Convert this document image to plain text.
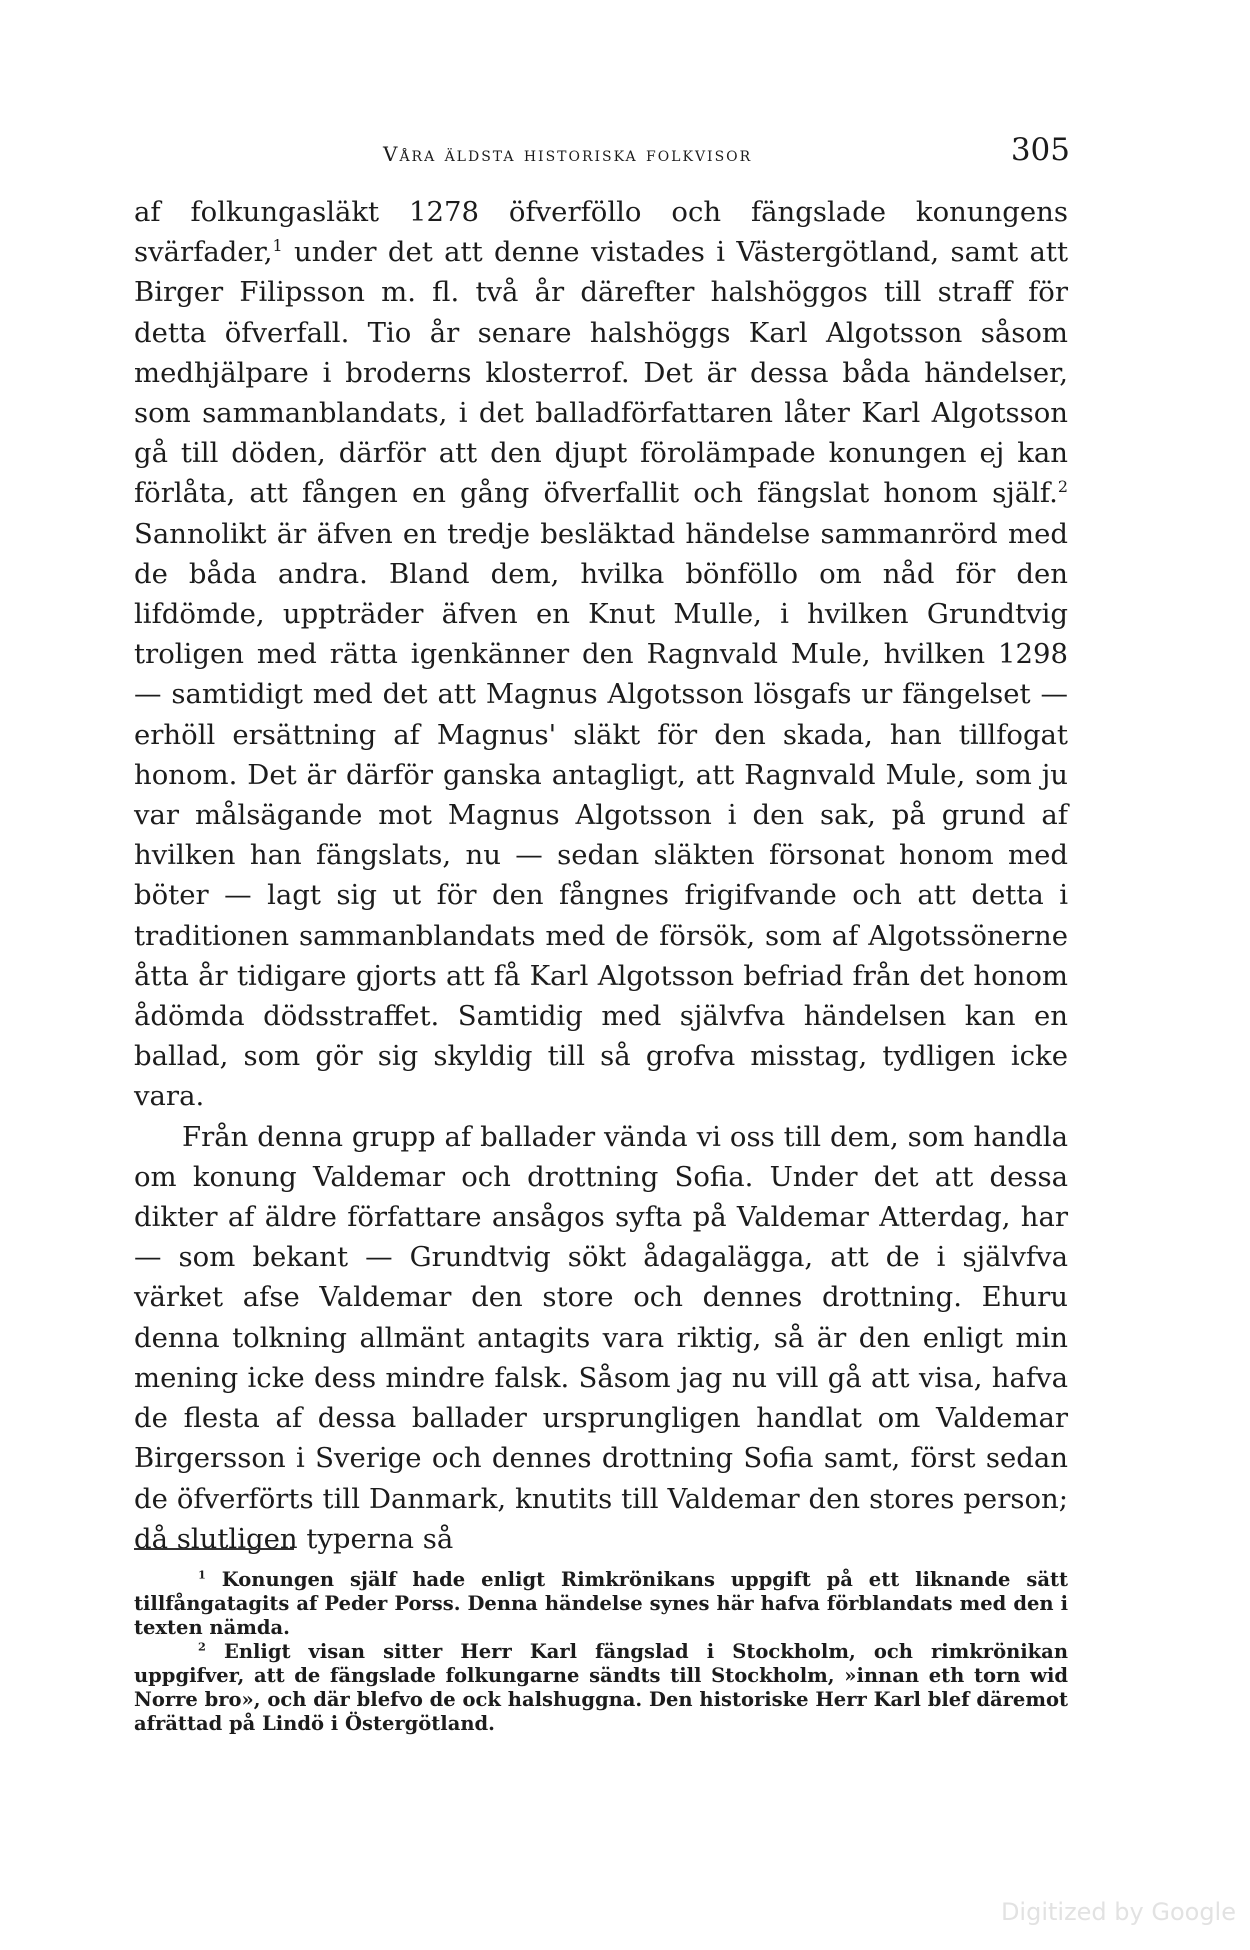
Våra äldsta historiska folkvisor	305

af folkungasläkt 1278 öfverföllo och fängslade konungens svärfader,$^1$ under det att denne vistades i Västergötland, samt att Birger Filipsson m. fl. två år därefter halshöggos till straff för detta öfverfall. Tio år senare halshöggs Karl Algotsson såsom medhjälpare i broderns klosterrof. Det är dessa båda händelser, som sammanblandats, i det balladförfattaren låter Karl Algotsson gå till döden, därför att den djupt förolämpade konungen ej kan förlåta, att fången en gång öfverfallit och fängslat honom själf.$^2$ Sannolikt är äfven en tredje besläktad händelse sammanrörd med de båda andra. Bland dem, hvilka bönföllo om nåd för den lifdömde, uppträder äfven en Knut Mulle, i hvilken Grundtvig troligen med rätta igenkänner den Ragnvald Mule, hvilken 1298 — samtidigt med det att Magnus Algotsson lösgafs ur fängelset — erhöll ersättning af Magnus' släkt för den skada, han tillfogat honom. Det är därför ganska antagligt, att Ragnvald Mule, som ju var målsägande mot Magnus Algotsson i den sak, på grund af hvilken han fängslats, nu — sedan släkten försonat honom med böter — lagt sig ut för den fångnes frigifvande och att detta i traditionen sammanblandats med de försök, som af Algotssönerne åtta år tidigare gjorts att få Karl Algotsson befriad från det honom ådömda dödsstraffet. Samtidig med självfva händelsen kan en ballad, som gör sig skyldig till så grofva misstag, tydligen icke vara.

Från denna grupp af ballader vända vi oss till dem, som handla om konung Valdemar och drottning Sofia. Under det att dessa dikter af äldre författare ansågos syfta på Valdemar Atterdag, har — som bekant — Grundtvig sökt ådagalägga, att de i självfva värket afse Valdemar den store och dennes drottning. Ehuru denna tolkning allmänt antagits vara riktig, så är den enligt min mening icke dess mindre falsk. Såsom jag nu vill gå att visa, hafva de flesta af dessa ballader ursprungligen handlat om Valdemar Birgersson i Sverige och dennes drottning Sofia samt, först sedan de öfverförts till Danmark, knutits till Valdemar den stores person; då slutligen typerna så

$^1$ Konungen själf hade enligt Rimkrönikans uppgift på ett liknande sätt tillfångatagits af Peder Porss. Denna händelse synes här hafva förblandats med den i texten nämda.

$^2$ Enligt visan sitter Herr Karl fängslad i Stockholm, och rimkrönikan uppgifver, att de fängslade folkungarne sändts till Stockholm, »innan eth torn wid Norre bro», och där blefvo de ock halshuggna. Den historiske Herr Karl blef däremot afrättad på Lindö i Östergötland.

Digitized by Google
